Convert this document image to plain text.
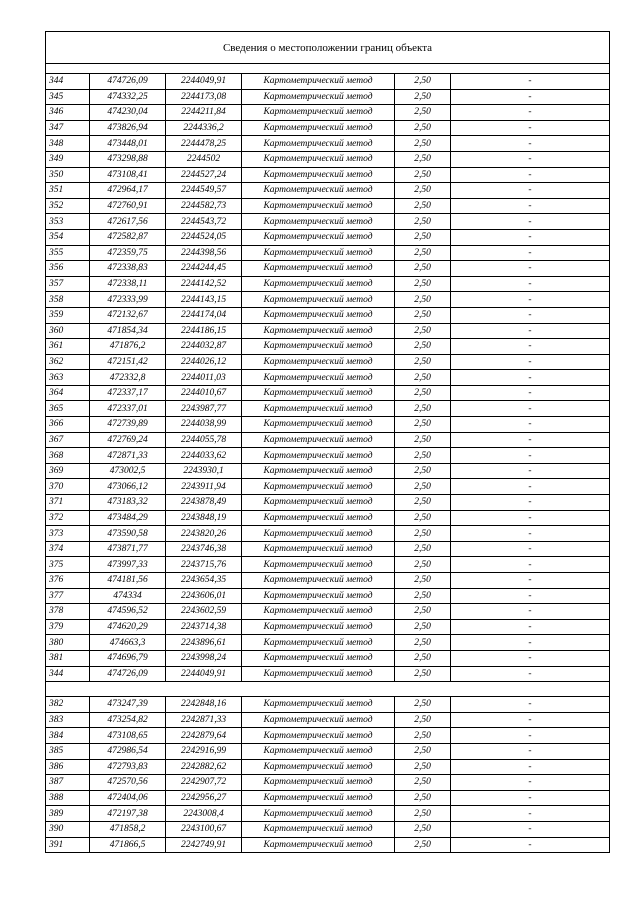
Сведения о местоположении границ объекта					

344	474726,09	2244049,91	Картометрический метод	2,50	-
345	474332,25	2244173,08	Картометрический метод	2,50	-
346	474230,04	2244211,84	Картометрический метод	2,50	-
347	473826,94	2244336,2	Картометрический метод	2,50	-
348	473448,01	2244478,25	Картометрический метод	2,50	-
349	473298,88	2244502	Картометрический метод	2,50	-
350	473108,41	2244527,24	Картометрический метод	2,50	-
351	472964,17	2244549,57	Картометрический метод	2,50	-
352	472760,91	2244582,73	Картометрический метод	2,50	-
353	472617,56	2244543,72	Картометрический метод	2,50	-
354	472582,87	2244524,05	Картометрический метод	2,50	-
355	472359,75	2244398,56	Картометрический метод	2,50	-
356	472338,83	2244244,45	Картометрический метод	2,50	-
357	472338,11	2244142,52	Картометрический метод	2,50	-
358	472333,99	2244143,15	Картометрический метод	2,50	-
359	472132,67	2244174,04	Картометрический метод	2,50	-
360	471854,34	2244186,15	Картометрический метод	2,50	-
361	471876,2	2244032,87	Картометрический метод	2,50	-
362	472151,42	2244026,12	Картометрический метод	2,50	-
363	472332,8	2244011,03	Картометрический метод	2,50	-
364	472337,17	2244010,67	Картометрический метод	2,50	-
365	472337,01	2243987,77	Картометрический метод	2,50	-
366	472739,89	2244038,99	Картометрический метод	2,50	-
367	472769,24	2244055,78	Картометрический метод	2,50	-
368	472871,33	2244033,62	Картометрический метод	2,50	-
369	473002,5	2243930,1	Картометрический метод	2,50	-
370	473066,12	2243911,94	Картометрический метод	2,50	-
371	473183,32	2243878,49	Картометрический метод	2,50	-
372	473484,29	2243848,19	Картометрический метод	2,50	-
373	473590,58	2243820,26	Картометрический метод	2,50	-
374	473871,77	2243746,38	Картометрический метод	2,50	-
375	473997,33	2243715,76	Картометрический метод	2,50	-
376	474181,56	2243654,35	Картометрический метод	2,50	-
377	474334	2243606,01	Картометрический метод	2,50	-
378	474596,52	2243602,59	Картометрический метод	2,50	-
379	474620,29	2243714,38	Картометрический метод	2,50	-
380	474663,3	2243896,61	Картометрический метод	2,50	-
381	474696,79	2243998,24	Картометрический метод	2,50	-
344	474726,09	2244049,91	Картометрический метод	2,50	-

382	473247,39	2242848,16	Картометрический метод	2,50	-
383	473254,82	2242871,33	Картометрический метод	2,50	-
384	473108,65	2242879,64	Картометрический метод	2,50	-
385	472986,54	2242916,99	Картометрический метод	2,50	-
386	472793,83	2242882,62	Картометрический метод	2,50	-
387	472570,56	2242907,72	Картометрический метод	2,50	-
388	472404,06	2242956,27	Картометрический метод	2,50	-
389	472197,38	2243008,4	Картометрический метод	2,50	-
390	471858,2	2243100,67	Картометрический метод	2,50	-
391	471866,5	2242749,91	Картометрический метод	2,50	-
